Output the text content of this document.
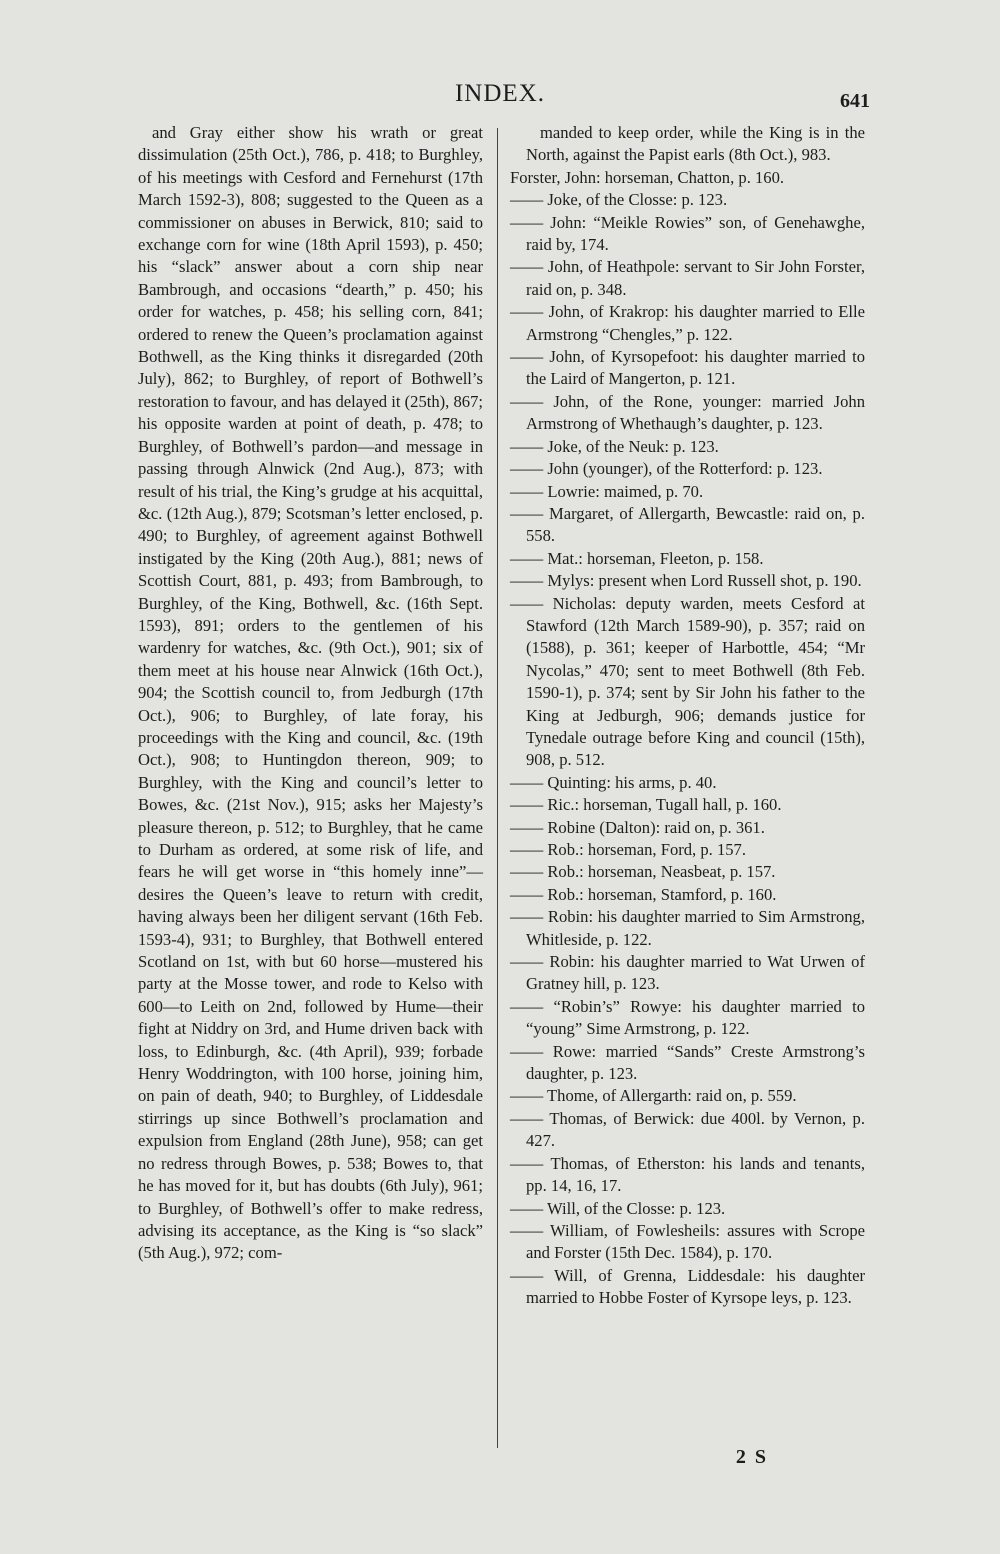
INDEX.	641

and Gray either show his wrath or great dissimulation (25th Oct.), 786, p. 418; to Burghley, of his meetings with Cesford and Fernehurst (17th March 1592-3), 808; suggested to the Queen as a commissioner on abuses in Berwick, 810; said to exchange corn for wine (18th April 1593), p. 450; his “slack” answer about a corn ship near Bambrough, and occasions “dearth,” p. 450; his order for watches, p. 458; his selling corn, 841; ordered to renew the Queen’s proclamation against Bothwell, as the King thinks it disregarded (20th July), 862; to Burghley, of report of Bothwell’s restoration to favour, and has delayed it (25th), 867; his opposite warden at point of death, p. 478; to Burghley, of Bothwell’s pardon—and message in passing through Alnwick (2nd Aug.), 873; with result of his trial, the King’s grudge at his acquittal, &c. (12th Aug.), 879; Scotsman’s letter enclosed, p. 490; to Burghley, of agreement against Bothwell instigated by the King (20th Aug.), 881; news of Scottish Court, 881, p. 493; from Bambrough, to Burghley, of the King, Bothwell, &c. (16th Sept. 1593), 891; orders to the gentlemen of his wardenry for watches, &c. (9th Oct.), 901; six of them meet at his house near Alnwick (16th Oct.), 904; the Scottish council to, from Jedburgh (17th Oct.), 906; to Burghley, of late foray, his proceedings with the King and council, &c. (19th Oct.), 908; to Huntingdon thereon, 909; to Burghley, with the King and council’s letter to Bowes, &c. (21st Nov.), 915; asks her Majesty’s pleasure thereon, p. 512; to Burghley, that he came to Durham as ordered, at some risk of life, and fears he will get worse in “this homely inne”—desires the Queen’s leave to return with credit, having always been her diligent servant (16th Feb. 1593-4), 931; to Burghley, that Bothwell entered Scotland on 1st, with but 60 horse—mustered his party at the Mosse tower, and rode to Kelso with 600—to Leith on 2nd, followed by Hume—their fight at Niddry on 3rd, and Hume driven back with loss, to Edinburgh, &c. (4th April), 939; forbade Henry Woddrington, with 100 horse, joining him, on pain of death, 940; to Burghley, of Liddesdale stirrings up since Bothwell’s proclamation and expulsion from England (28th June), 958; can get no redress through Bowes, p. 538; Bowes to, that he has moved for it, but has doubts (6th July), 961; to Burghley, of Bothwell’s offer to make redress, advising its acceptance, as the King is “so slack” (5th Aug.), 972; com-

manded to keep order, while the King is in the North, against the Papist earls (8th Oct.), 983.

Forster, John: horseman, Chatton, p. 160.

—— Joke, of the Closse: p. 123.

—— John: “Meikle Rowies” son, of Genehawghe, raid by, 174.

—— John, of Heathpole: servant to Sir John Forster, raid on, p. 348.

—— John, of Krakrop: his daughter married to Elle Armstrong “Chengles,” p. 122.

—— John, of Kyrsopefoot: his daughter married to the Laird of Mangerton, p. 121.

—— John, of the Rone, younger: married John Armstrong of Whethaugh’s daughter, p. 123.

—— Joke, of the Neuk: p. 123.

—— John (younger), of the Rotterford: p. 123.

—— Lowrie: maimed, p. 70.

—— Margaret, of Allergarth, Bewcastle: raid on, p. 558.

—— Mat.: horseman, Fleeton, p. 158.

—— Mylys: present when Lord Russell shot, p. 190.

—— Nicholas: deputy warden, meets Cesford at Stawford (12th March 1589-90), p. 357; raid on (1588), p. 361; keeper of Harbottle, 454; “Mr Nycolas,” 470; sent to meet Bothwell (8th Feb. 1590-1), p. 374; sent by Sir John his father to the King at Jedburgh, 906; demands justice for Tynedale outrage before King and council (15th), 908, p. 512.

—— Quinting: his arms, p. 40.

—— Ric.: horseman, Tugall hall, p. 160.

—— Robine (Dalton): raid on, p. 361.

—— Rob.: horseman, Ford, p. 157.

—— Rob.: horseman, Neasbeat, p. 157.

—— Rob.: horseman, Stamford, p. 160.

—— Robin: his daughter married to Sim Armstrong, Whitleside, p. 122.

—— Robin: his daughter married to Wat Urwen of Gratney hill, p. 123.

—— “Robin’s” Rowye: his daughter married to “young” Sime Armstrong, p. 122.

—— Rowe: married “Sands” Creste Armstrong’s daughter, p. 123.

—— Thome, of Allergarth: raid on, p. 559.

—— Thomas, of Berwick: due 400l. by Vernon, p. 427.

—— Thomas, of Etherston: his lands and tenants, pp. 14, 16, 17.

—— Will, of the Closse: p. 123.

—— William, of Fowlesheils: assures with Scrope and Forster (15th Dec. 1584), p. 170.

—— Will, of Grenna, Liddesdale: his daughter married to Hobbe Foster of Kyrsope leys, p. 123.

2 S
